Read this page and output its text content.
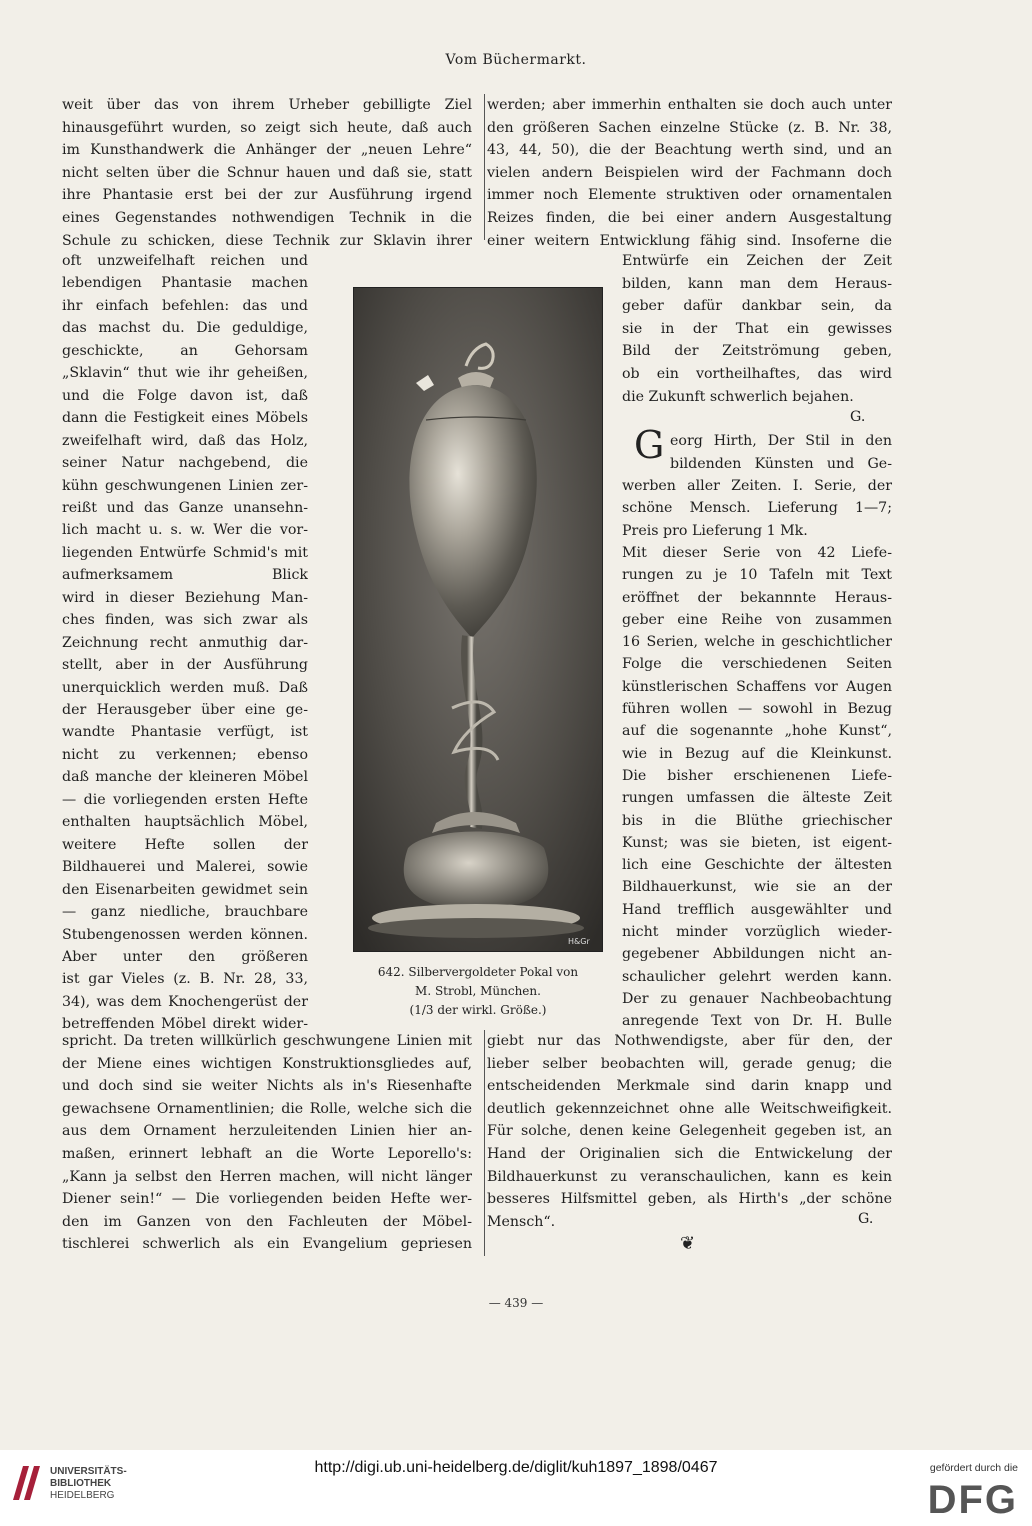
Vom Büchermarkt.
weit über das von ihrem Urheber gebilligte Ziel
hinausgeführt wurden, so zeigt sich heute, daß auch
im Kunsthandwerk die Anhänger der „neuen Lehre“
nicht selten über die Schnur hauen und daß sie, statt
ihre Phantasie erst bei der zur Ausführung irgend
eines Gegenstandes nothwendigen Technik in die
Schule zu schicken, diese Technik zur Sklavin ihrer
oft unzweifelhaft reichen und
lebendigen Phantasie machen
ihr einfach befehlen: das und
das machst du. Die geduldige,
geschickte, an Gehorsam
„Sklavin“ thut wie ihr geheißen,
und die Folge davon ist, daß
dann die Festigkeit eines Möbels
zweifelhaft wird, daß das Holz,
seiner Natur nachgebend, die
kühn geschwungenen Linien zer-
reißt und das Ganze unansehn-
lich macht u. s. w. Wer die vor-
liegenden Entwürfe Schmid's mit
aufmerksamem Blick
wird in dieser Beziehung Man-
ches finden, was sich zwar als
Zeichnung recht anmuthig dar-
stellt, aber in der Ausführung
unerquicklich werden muß. Daß
der Herausgeber über eine ge-
wandte Phantasie verfügt, ist
nicht zu verkennen; ebenso
daß manche der kleineren Möbel
— die vorliegenden ersten Hefte
enthalten hauptsächlich Möbel,
weitere Hefte sollen der
Bildhauerei und Malerei, sowie
den Eisenarbeiten gewidmet sein
— ganz niedliche, brauchbare
Stubengenossen werden können.
Aber unter den größeren
ist gar Vieles (z. B. Nr. 28, 33,
34), was dem Knochengerüst der
betreffenden Möbel direkt wider-
spricht. Da treten willkürlich geschwungene Linien mit
der Miene eines wichtigen Konstruktionsgliedes auf,
und doch sind sie weiter Nichts als in's Riesenhafte
gewachsene Ornamentlinien; die Rolle, welche sich die
aus dem Ornament herzuleitenden Linien hier an-
maßen, erinnert lebhaft an die Worte Leporello's:
„Kann ja selbst den Herren machen, will nicht länger
Diener sein!“ — Die vorliegenden beiden Hefte wer-
den im Ganzen von den Fachleuten der Möbel-
tischlerei schwerlich als ein Evangelium gepriesen
werden; aber immerhin enthalten sie doch auch unter
den größeren Sachen einzelne Stücke (z. B. Nr. 38,
43, 44, 50), die der Beachtung werth sind, und an
vielen andern Beispielen wird der Fachmann doch
immer noch Elemente struktiven oder ornamentalen
Reizes finden, die bei einer andern Ausgestaltung
einer weitern Entwicklung fähig sind. Insoferne die
Entwürfe ein Zeichen der Zeit
bilden, kann man dem Heraus-
geber dafür dankbar sein, da
sie in der That ein gewisses
Bild der Zeitströmung geben,
ob ein vortheilhaftes, das wird
die Zukunft schwerlich bejahen.
G.
G eorg Hirth, Der Stil in den
bildenden Künsten und Ge-
werben aller Zeiten. I. Serie, der
schöne Mensch. Lieferung 1—7;
Preis pro Lieferung 1 Mk.
Mit dieser Serie von 42 Liefe-
rungen zu je 10 Tafeln mit Text
eröffnet der bekannnte Heraus-
geber eine Reihe von zusammen
16 Serien, welche in geschichtlicher
Folge die verschiedenen Seiten
künstlerischen Schaffens vor Augen
führen wollen — sowohl in Bezug
auf die sogenannte „hohe Kunst“,
wie in Bezug auf die Kleinkunst.
Die bisher erschienenen Liefe-
rungen umfassen die älteste Zeit
bis in die Blüthe griechischer
Kunst; was sie bieten, ist eigent-
lich eine Geschichte der ältesten
Bildhauerkunst, wie sie an der
Hand trefflich ausgewählter und
nicht minder vorzüglich wieder-
gegebener Abbildungen nicht an-
schaulicher gelehrt werden kann.
Der zu genauer Nachbeobachtung
anregende Text von Dr. H. Bulle
giebt nur das Nothwendigste, aber für den, der
lieber selber beobachten will, gerade genug; die
entscheidenden Merkmale sind darin knapp und
deutlich gekennzeichnet ohne alle Weitschweifigkeit.
Für solche, denen keine Gelegenheit gegeben ist, an
Hand der Originalien sich die Entwickelung der
Bildhauerkunst zu veranschaulichen, kann es kein
besseres Hilfsmittel geben, als Hirth's „der schöne
Mensch“.	G.
❦
H&Gr
642. Silbervergoldeter Pokal von
M. Strobl, München.
(1/3 der wirkl. Größe.)
— 439 —
UNIVERSITÄTS-
BIBLIOTHEK
HEIDELBERG
http://digi.ub.uni-heidelberg.de/diglit/kuh1897_1898/0467	gefördert durch die
DFG
